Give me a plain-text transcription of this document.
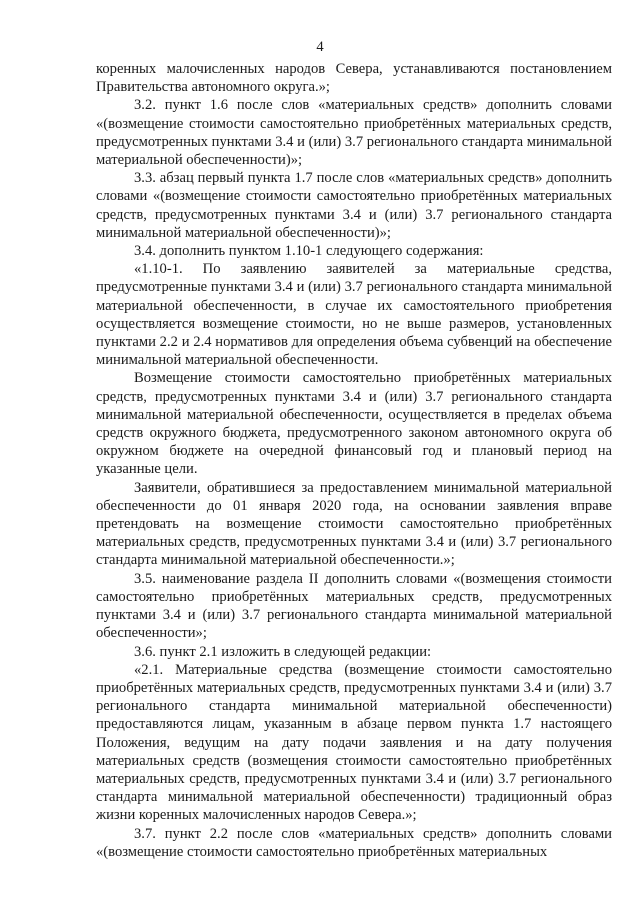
4

коренных малочисленных народов Севера, устанавливаются постановлением Правительства автономного округа.»;

3.2. пункт 1.6 после слов «материальных средств» дополнить словами «(возмещение стоимости самостоятельно приобретённых материальных средств, предусмотренных пунктами 3.4 и (или) 3.7 регионального стандарта минимальной материальной обеспеченности)»;

3.3. абзац первый пункта 1.7 после слов «материальных средств» дополнить словами «(возмещение стоимости самостоятельно приобретённых материальных средств, предусмотренных пунктами 3.4 и (или) 3.7 регионального стандарта минимальной материальной обеспеченности)»;

3.4. дополнить пунктом 1.10-1 следующего содержания:

«1.10-1. По заявлению заявителей за материальные средства, предусмотренные пунктами 3.4 и (или) 3.7 регионального стандарта минимальной материальной обеспеченности, в случае их самостоятельного приобретения осуществляется возмещение стоимости, но не выше размеров, установленных пунктами 2.2 и 2.4 нормативов для определения объема субвенций на обеспечение минимальной материальной обеспеченности.

Возмещение стоимости самостоятельно приобретённых материальных средств, предусмотренных пунктами 3.4 и (или) 3.7 регионального стандарта минимальной материальной обеспеченности, осуществляется в пределах объема средств окружного бюджета, предусмотренного законом автономного округа об окружном бюджете на очередной финансовый год и плановый период на указанные цели.

Заявители, обратившиеся за предоставлением минимальной материальной обеспеченности до 01 января 2020 года, на основании заявления вправе претендовать на возмещение стоимости самостоятельно приобретённых материальных средств, предусмотренных пунктами 3.4 и (или) 3.7 регионального стандарта минимальной материальной обеспеченности.»;

3.5. наименование раздела II дополнить словами «(возмещения стоимости самостоятельно приобретённых материальных средств, предусмотренных пунктами 3.4 и (или) 3.7 регионального стандарта минимальной материальной обеспеченности»;

3.6. пункт 2.1 изложить в следующей редакции:

«2.1. Материальные средства (возмещение стоимости самостоятельно приобретённых материальных средств, предусмотренных пунктами 3.4 и (или) 3.7 регионального стандарта минимальной материальной обеспеченности) предоставляются лицам, указанным в абзаце первом пункта 1.7 настоящего Положения, ведущим на дату подачи заявления и на дату получения материальных средств (возмещения стоимости самостоятельно приобретённых материальных средств, предусмотренных пунктами 3.4 и (или) 3.7 регионального стандарта минимальной материальной обеспеченности) традиционный образ жизни коренных малочисленных народов Севера.»;

3.7. пункт 2.2 после слов «материальных средств» дополнить словами «(возмещение стоимости самостоятельно приобретённых материальных
